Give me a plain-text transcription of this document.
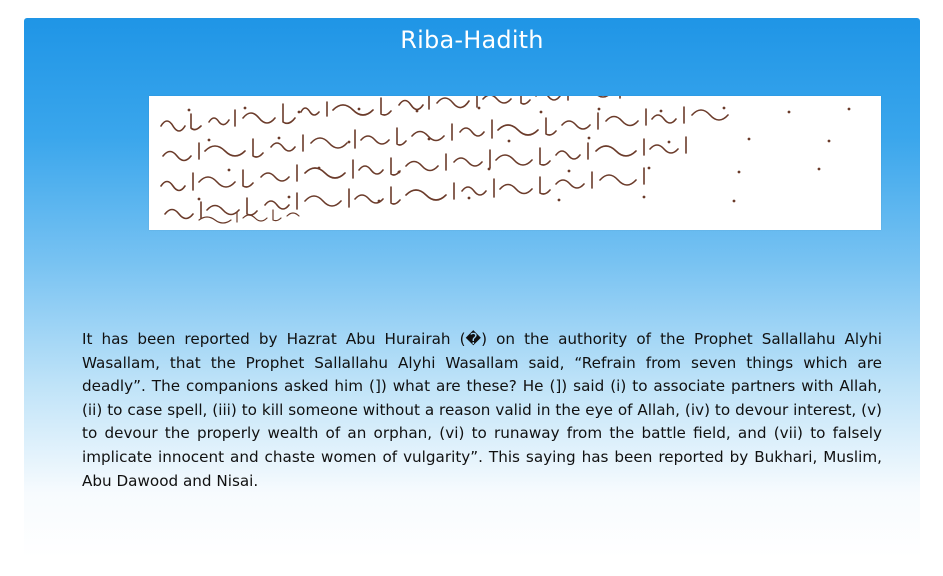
Riba-Hadith

It has been reported by Hazrat Abu Hurairah (�) on the authority of the Prophet Sallallahu Alyhi Wasallam, that the Prophet Sallallahu Alyhi Wasallam said, “Refrain from seven things which are deadly”. The companions asked him (]) what are these? He (]) said (i) to associate partners with Allah, (ii) to case spell, (iii) to kill someone without a reason valid in the eye of Allah, (iv) to devour interest, (v) to devour the properly wealth of an orphan, (vi) to runaway from the battle field, and (vii) to falsely implicate innocent and chaste women of vulgarity”. This saying has been reported by Bukhari, Muslim, Abu Dawood and Nisai.
